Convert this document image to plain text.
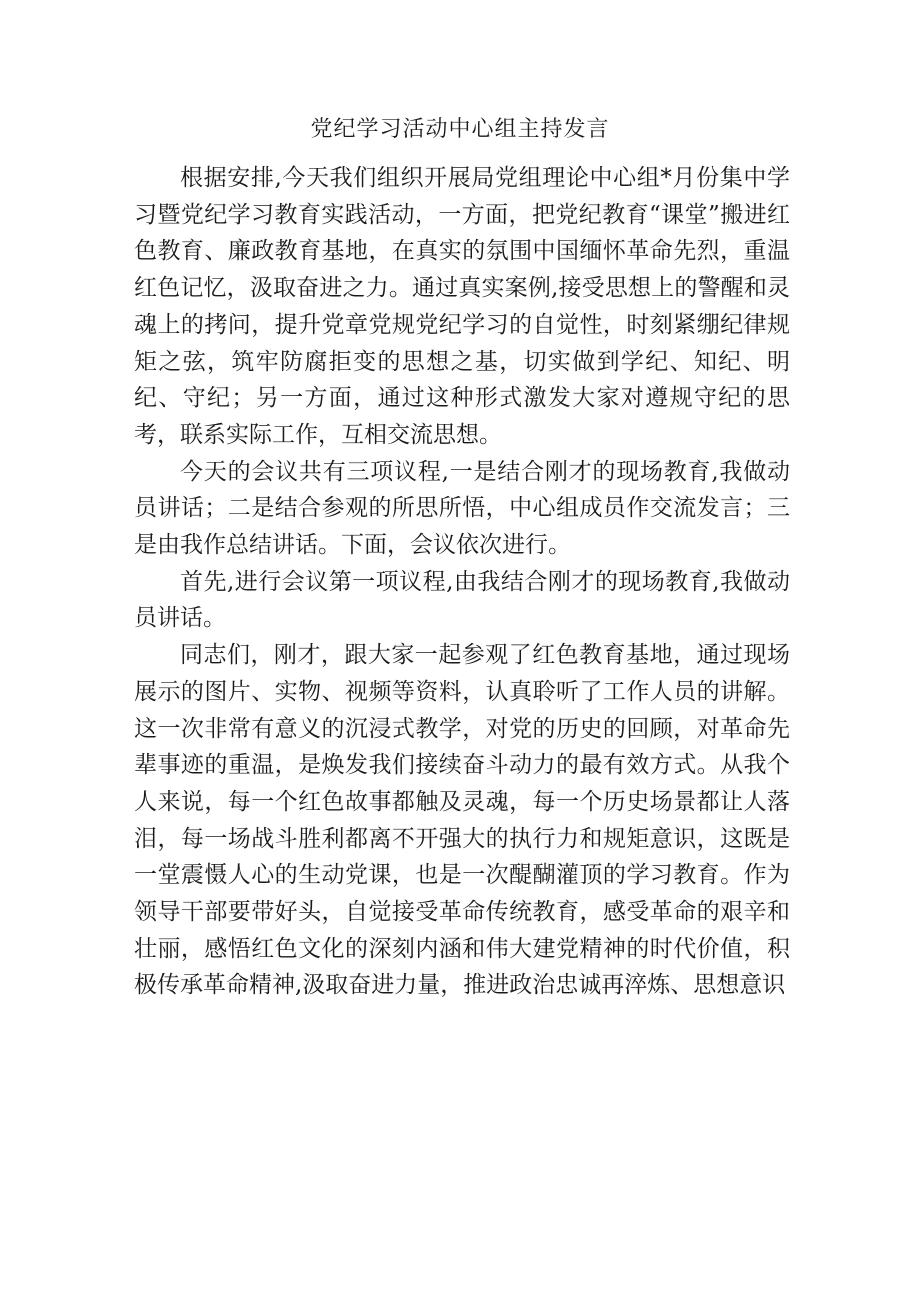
党纪学习活动中心组主持发言

根据安排,今天我们组织开展局党组理论中心组*月份集中学习暨党纪学习教育实践活动，一方面，把党纪教育“课堂”搬进红色教育、廉政教育基地，在真实的氛围中国缅怀革命先烈，重温红色记忆，汲取奋进之力。通过真实案例,接受思想上的警醒和灵魂上的拷问，提升党章党规党纪学习的自觉性，时刻紧绷纪律规矩之弦，筑牢防腐拒变的思想之基，切实做到学纪、知纪、明纪、守纪；另一方面，通过这种形式激发大家对遵规守纪的思考，联系实际工作，互相交流思想。

今天的会议共有三项议程,一是结合刚才的现场教育,我做动员讲话；二是结合参观的所思所悟，中心组成员作交流发言；三是由我作总结讲话。下面，会议依次进行。

首先,进行会议第一项议程,由我结合刚才的现场教育,我做动员讲话。

同志们，刚才，跟大家一起参观了红色教育基地，通过现场展示的图片、实物、视频等资料，认真聆听了工作人员的讲解。这一次非常有意义的沉浸式教学，对党的历史的回顾，对革命先辈事迹的重温，是焕发我们接续奋斗动力的最有效方式。从我个人来说，每一个红色故事都触及灵魂，每一个历史场景都让人落泪，每一场战斗胜利都离不开强大的执行力和规矩意识，这既是一堂震慑人心的生动党课，也是一次醍醐灌顶的学习教育。作为领导干部要带好头，自觉接受革命传统教育，感受革命的艰辛和壮丽，感悟红色文化的深刻内涵和伟大建党精神的时代价值，积极传承革命精神,汲取奋进力量，推进政治忠诚再淬炼、思想意识
